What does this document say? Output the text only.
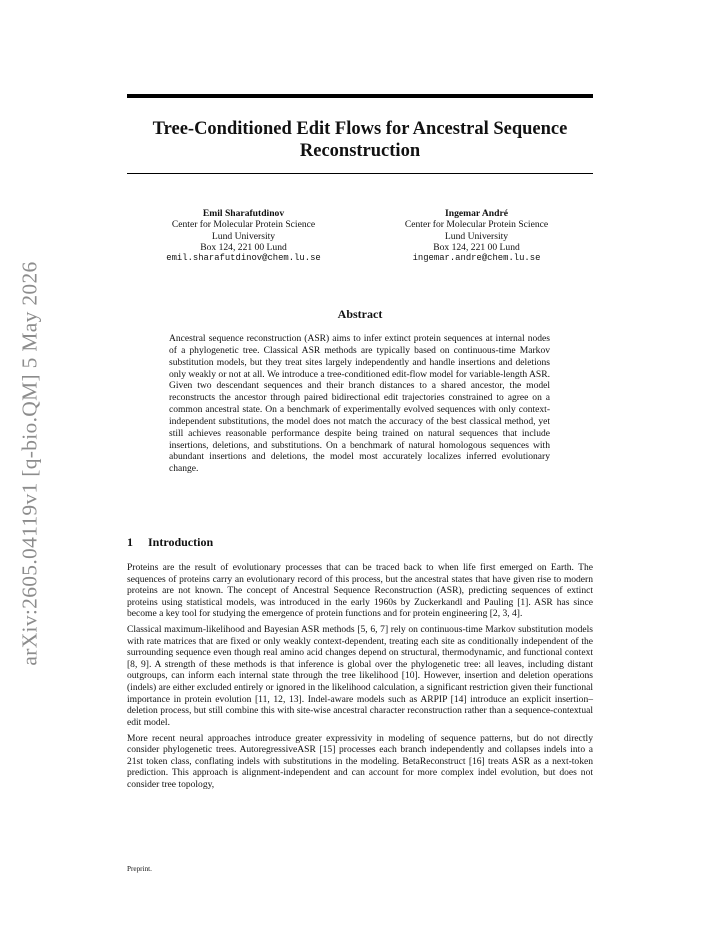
arXiv:2605.04119v1 [q-bio.QM] 5 May 2026
Tree-Conditioned Edit Flows for Ancestral Sequence Reconstruction
Emil Sharafutdinov
Center for Molecular Protein Science
Lund University
Box 124, 221 00 Lund
emil.sharafutdinov@chem.lu.se
Ingemar André
Center for Molecular Protein Science
Lund University
Box 124, 221 00 Lund
ingemar.andre@chem.lu.se
Abstract
Ancestral sequence reconstruction (ASR) aims to infer extinct protein sequences at internal nodes of a phylogenetic tree. Classical ASR methods are typically based on continuous-time Markov substitution models, but they treat sites largely independently and handle insertions and deletions only weakly or not at all. We introduce a tree-conditioned edit-flow model for variable-length ASR. Given two descendant sequences and their branch distances to a shared ancestor, the model reconstructs the ancestor through paired bidirectional edit trajectories constrained to agree on a common ancestral state. On a benchmark of experimentally evolved sequences with only context-independent substitutions, the model does not match the accuracy of the best classical method, yet still achieves reasonable performance despite being trained on natural sequences that include insertions, deletions, and substitutions. On a benchmark of natural homologous sequences with abundant insertions and deletions, the model most accurately localizes inferred evolutionary change.
1 Introduction

Proteins are the result of evolutionary processes that can be traced back to when life first emerged on Earth. The sequences of proteins carry an evolutionary record of this process, but the ancestral states that have given rise to modern proteins are not known. The concept of Ancestral Sequence Reconstruction (ASR), predicting sequences of extinct proteins using statistical models, was introduced in the early 1960s by Zuckerkandl and Pauling [1]. ASR has since become a key tool for studying the emergence of protein functions and for protein engineering [2, 3, 4].

Classical maximum-likelihood and Bayesian ASR methods [5, 6, 7] rely on continuous-time Markov substitution models with rate matrices that are fixed or only weakly context-dependent, treating each site as conditionally independent of the surrounding sequence even though real amino acid changes depend on structural, thermodynamic, and functional context [8, 9]. A strength of these methods is that inference is global over the phylogenetic tree: all leaves, including distant outgroups, can inform each internal state through the tree likelihood [10]. However, insertion and deletion operations (indels) are either excluded entirely or ignored in the likelihood calculation, a significant restriction given their functional importance in protein evolution [11, 12, 13]. Indel-aware models such as ARPIP [14] introduce an explicit insertion–deletion process, but still combine this with site-wise ancestral character reconstruction rather than a sequence-contextual edit model.

More recent neural approaches introduce greater expressivity in modeling of sequence patterns, but do not directly consider phylogenetic trees. AutoregressiveASR [15] processes each branch independently and collapses indels into a 21st token class, conflating indels with substitutions in the modeling. BetaReconstruct [16] treats ASR as a next-token prediction. This approach is alignment-independent and can account for more complex indel evolution, but does not consider tree topology,

Preprint.
